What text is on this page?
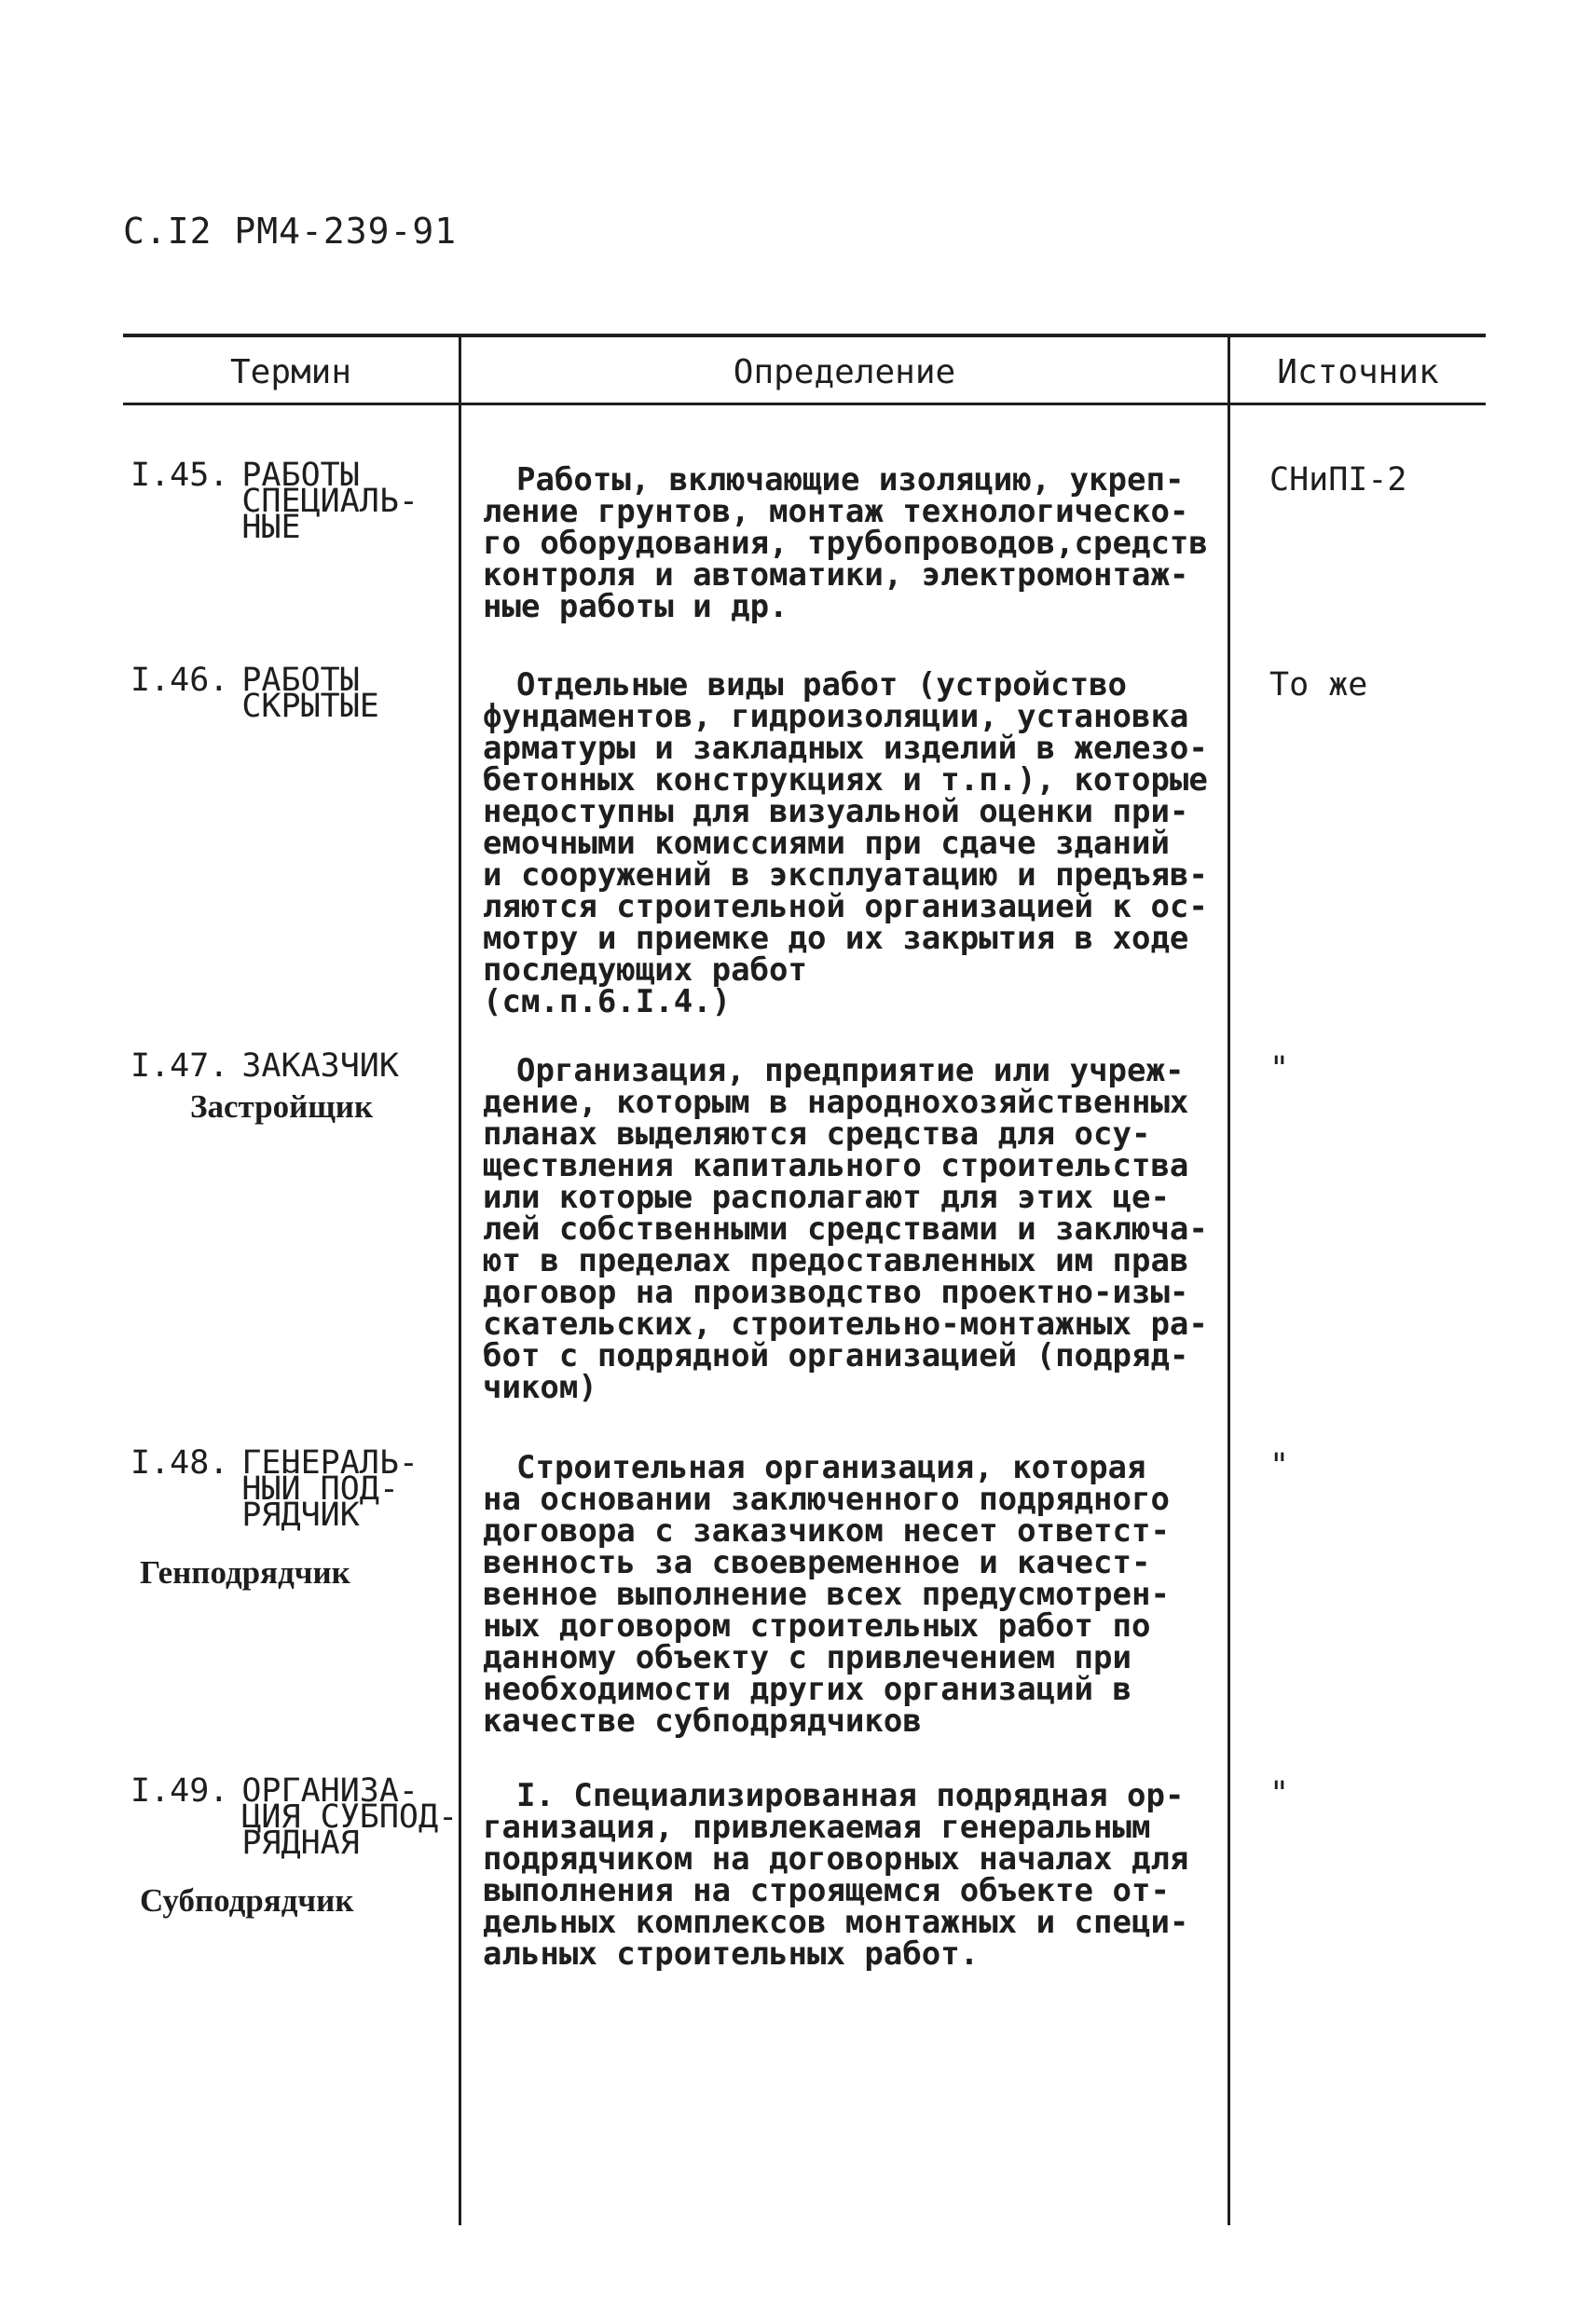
С.I2 РМ4-239-91
Термин	Определение	Источник
I.45. РАБОТЫ
СПЕЦИАЛЬ-
НЫЕ

Работы, включающие изоляцию, укреп-
ление грунтов, монтаж технологическо-
го оборудования, трубопроводов,средств
контроля и автоматики, электромонтаж-
ные работы и др.

СНиПI-2
I.46. РАБОТЫ
СКРЫТЫЕ

Отдельные виды работ (устройство
фундаментов, гидроизоляции, установка
арматуры и закладных изделий в железо-
бетонных конструкциях и т.п.), которые
недоступны для визуальной оценки при-
емочными комиссиями при сдаче зданий
и сооружений в эксплуатацию и предъяв-
ляются строительной организацией к ос-
мотру и приемке до их закрытия в ходе
последующих работ
(см.п.6.I.4.)

То же
I.47. ЗАКАЗЧИК
Застройщик

Организация, предприятие или учреж-
дение, которым в народнохозяйственных
планах выделяются средства для осу-
ществления капитального строительства
или которые располагают для этих це-
лей собственными средствами и заключа-
ют в пределах предоставленных им прав
договор на производство проектно-изы-
скательских, строительно-монтажных ра-
бот с подрядной организацией (подряд-
чиком)

"
I.48. ГЕНЕРАЛЬ-
НЫЙ ПОД-
РЯДЧИК
Генподрядчик

Строительная организация, которая
на основании заключенного подрядного
договора с заказчиком несет ответст-
венность за своевременное и качест-
венное выполнение всех предусмотрен-
ных договором строительных работ по
данному объекту с привлечением при
необходимости других организаций в
качестве субподрядчиков

"
I.49. ОРГАНИЗА-
ЦИЯ СУБПОД-
РЯДНАЯ
Субподрядчик

I. Специализированная подрядная ор-
ганизация, привлекаемая генеральным
подрядчиком на договорных началах для
выполнения на строящемся объекте от-
дельных комплексов монтажных и специ-
альных строительных работ.

"
